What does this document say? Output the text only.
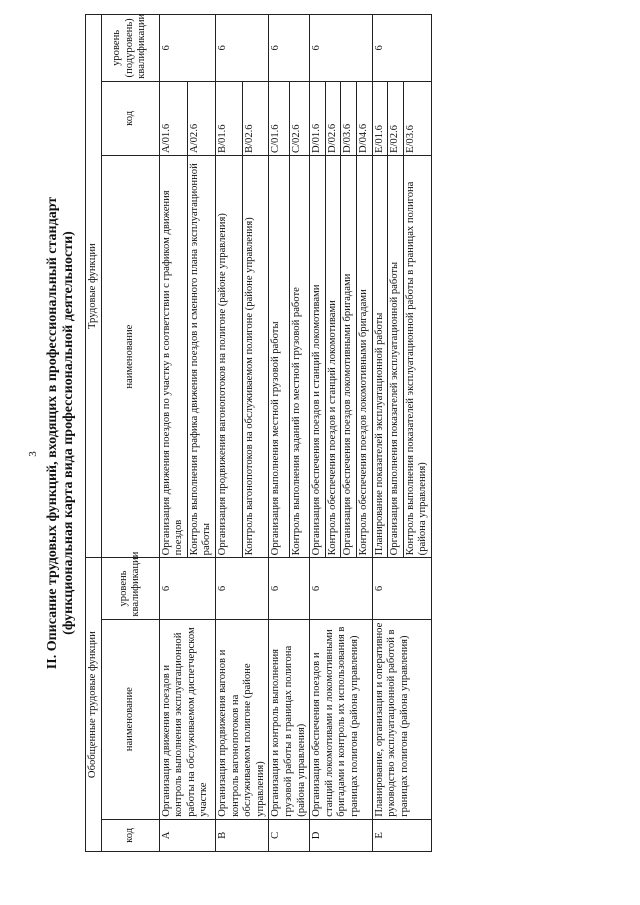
3 II. Описание трудовых функций, входящих в профессиональный стандарт (функциональная карта вида профессиональной деятельности)
Обобщенные трудовые функции			Трудовые функции		
код	наименование	уровень квалификации	наименование	код	уровень (подуровень) квалификации
A	Организация движения поездов и контроль выполнения эксплуатационной работы на обслуживаемом диспетчерском участке	6	Организация движения поездов по участку в соответствии с графиком движения поездов	A/01.6	6
			Контроль выполнения графика движения поездов и сменного плана эксплуатационной работы	A/02.6	
B	Организация продвижения вагонов и контроль вагонопотоков на обслуживаемом полигоне (районе управления)	6	Организация продвижения вагонопотоков на полигоне (районе управления)	B/01.6	6
			Контроль вагонопотоков на обслуживаемом полигоне (районе управления)	B/02.6	
C	Организация и контроль выполнения грузовой работы в границах полигона (района управления)	6	Организация выполнения местной грузовой работы	C/01.6	6
			Контроль выполнения заданий по местной грузовой работе	C/02.6	
D	Организация обеспечения поездов и станций локомотивами и локомотивными бригадами и контроль их использования в границах полигона (района управления)	6	Организация обеспечения поездов и станций локомотивами	D/01.6	6
			Контроль обеспечения поездов и станций локомотивами	D/02.6	
			Организация обеспечения поездов локомотивными бригадами	D/03.6	
			Контроль обеспечения поездов локомотивными бригадами	D/04.6	
E	Планирование, организация и оперативное руководство эксплуатационной работой в границах полигона (района управления)	6	Планирование показателей эксплуатационной работы	E/01.6	6
			Организация выполнения показателей эксплуатационной работы	E/02.6	
			Контроль выполнения показателей эксплуатационной работы в границах полигона (района управления)	E/03.6	
